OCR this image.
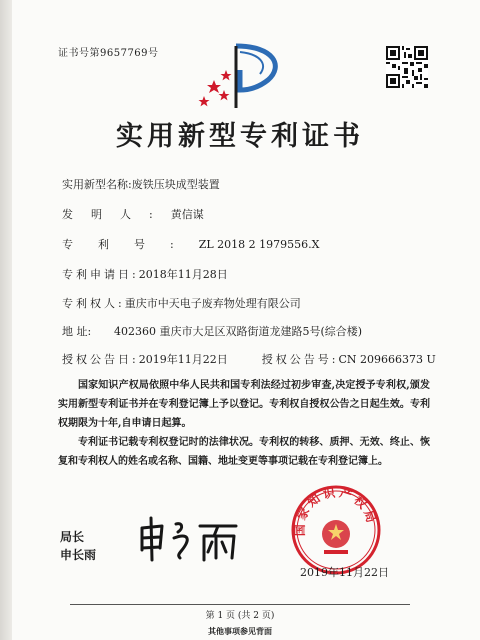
证书号第9657769号
实用新型专利证书
实用新型名称:废铁压块成型装置
发明人:黄信谋
专利号:ZL 2018 2 1979556.X
专利申请日:2018年11月28日
专利权人:重庆市中天电子废弃物处理有限公司
地 址: 402360 重庆市大足区双路街道龙建路5号(综合楼)
授权公告日:2019年11月22日	授权公告号:CN 209666373 U

国家知识产权局依照中华人民共和国专利法经过初步审查,决定授予专利权,颁发实用新型专利证书并在专利登记簿上予以登记。专利权自授权公告之日起生效。专利权期限为十年,自申请日起算。

专利证书记载专利权登记时的法律状况。专利权的转移、质押、无效、终止、恢复和专利权人的姓名或名称、国籍、地址变更等事项记载在专利登记簿上。

局长
申长雨
国家知识产权局
2019年11月22日
第 1 页 (共 2 页)
其他事项参见背面
